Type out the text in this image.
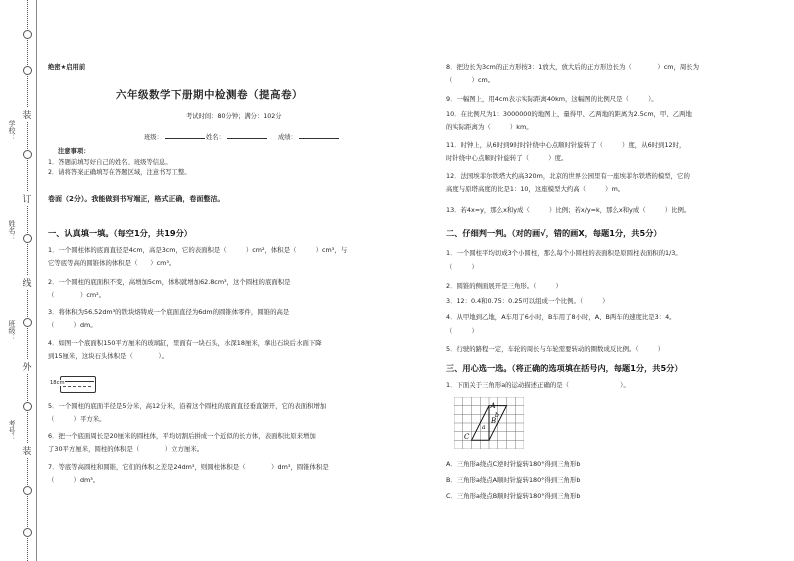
装
订
线
外
装
学校：
姓名：
班级：
考号：
绝密★启用前
六年级数学下册期中检测卷（提高卷）
考试时间：80分钟；满分：102分
班级：	姓名：	成绩：
注意事项：
1．答题前填写好自己的姓名、班级等信息。
2．请将答案正确填写在答题区域，注意书写工整。
卷面（2分）。我能做到书写端正，格式正确，卷面整洁。
一、认真填一填。（每空1分，共19分）
1．一个圆柱体的底面直径是4cm，高是3cm，它的表面积是（　　　）cm²，体积是（　　　）cm³，与
它等底等高的圆锥体的体积是（　　）cm³。
2．一个圆柱的底面积不变，高增加5cm，体积就增加62.8cm³，这个圆柱的底面积是
（　　　　）cm²。
3．将体积为56.52dm³的铁块熔铸成一个底面直径为6dm的圆锥体零件，圆锥的高是
（　　　）dm。
4．如图一个底面积150平方厘米的玻璃缸，里面有一块石头，水深18厘米，拿出石块后水面下降
到15厘米，这块石头体积是（　　　　）。
18cm
5．一个圆柱的底面半径是5分米，高12分米，沿着这个圆柱的底面直径垂直锯开，它的表面积增加
（　　　）平方米。
6．把一个底面周长是20厘米的圆柱体，平均切割后拼成一个近似的长方体，表面积比原来增加
了30平方厘米，圆柱的体积是（　　　　）立方厘米。
7．等底等高圆柱和圆锥，它们的体积之差是24dm³，则圆柱体积是（　　　　）dm³，圆锥体积是
（　　　）dm³。
8．把边长为3cm的正方形按3：1放大，放大后的正方形边长为（　　　　）cm，周长为
（　　　）cm。
9．一幅图上，用4cm表示实际距离40km，这幅图的比例尺是（　　　）。
10．在比例尺为1：3000000的地图上，量得甲、乙两地的距离为2.5cm，甲、乙两地
的实际距离为（　　　）km。
11．时钟上，从6时到9时时针绕中心点顺时针旋转了（　　　）度，从6时到12时，
时针绕中心点顺时针旋转了（　　　）度。
12．法国埃菲尔铁塔大约高320m，北京的世界公园里有一座埃菲尔铁塔的模型，它的
高度与原塔高度的比是1：10，这座模型大约高（　　　）m。
13．若4x=y，那么x和y成（　　　）比例；若x/y=k，那么x和y成（　　　）比例。
二、仔细判一判。（对的画√，错的画X，每题1分，共5分）
1．一个圆柱平均切成3个小圆柱，那么每个小圆柱的表面积是原圆柱表面积的1/3。
（　　　）
2．圆锥的侧面展开是三角形。（　　　）
3．12：0.4和0.75：0.25可以组成一个比例。（　　　）
4．从甲地到乙地，A车用了6小时，B车用了8小时，A、B两车的速度比是3：4。
（　　　）
5．行驶的路程一定，车轮的周长与车轮需要转动的圈数成反比例。（　　　）
三、用心选一选。（将正确的选项填在括号内，每题1分，共5分）
1．下面关于三角形a的运动描述正确的是（　　　　　　　　）。
A
B
C
a
b
A．三角形a绕点C逆时针旋转180°得到三角形b
B．三角形a绕点A顺时针旋转180°得到三角形b
C．三角形a绕点B顺时针旋转180°得到三角形b
